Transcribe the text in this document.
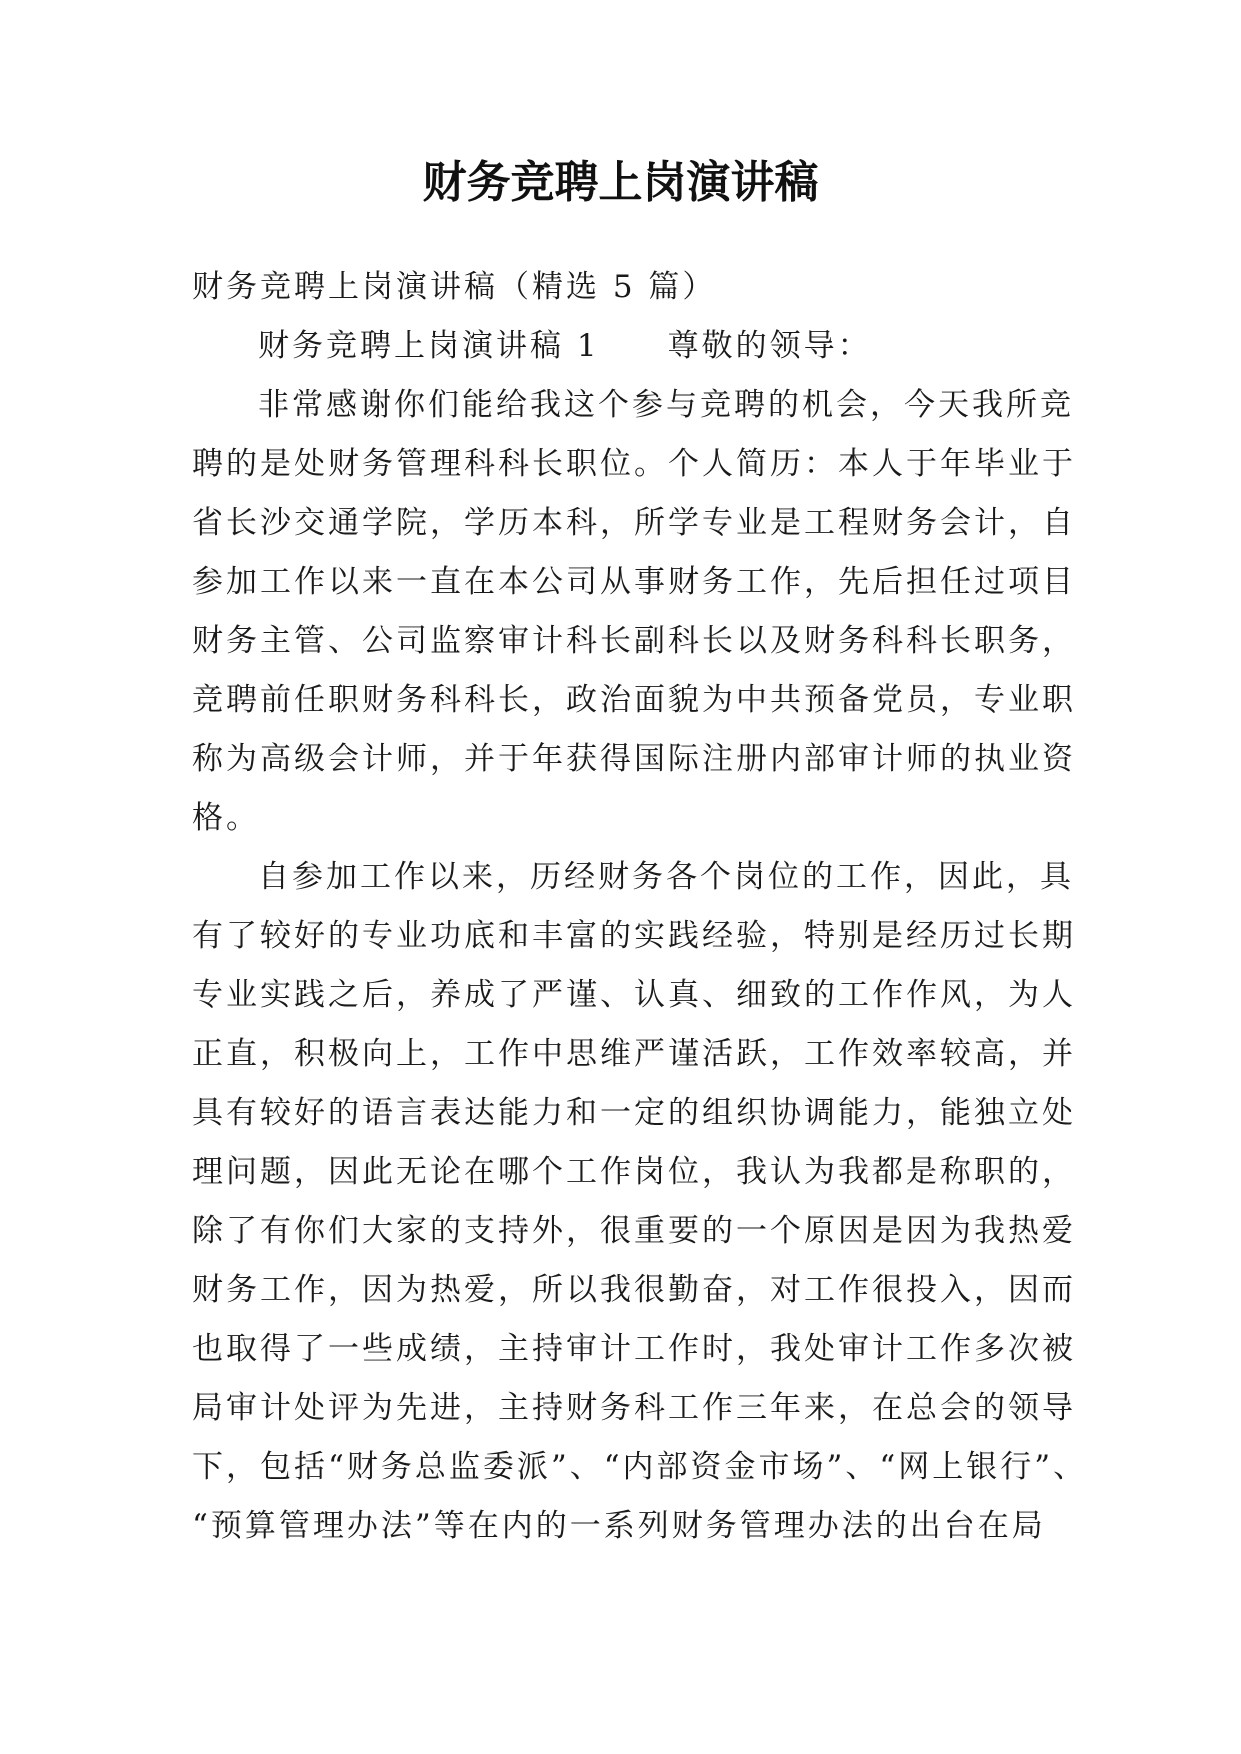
财务竞聘上岗演讲稿
财务竞聘上岗演讲稿（精选 5 篇）
财务竞聘上岗演讲稿 1　　尊敬的领导：
非常感谢你们能给我这个参与竞聘的机会，今天我所竞
聘的是处财务管理科科长职位。个人简历：本人于年毕业于
省长沙交通学院，学历本科，所学专业是工程财务会计，自
参加工作以来一直在本公司从事财务工作，先后担任过项目
财务主管、公司监察审计科长副科长以及财务科科长职务，
竞聘前任职财务科科长，政治面貌为中共预备党员，专业职
称为高级会计师，并于年获得国际注册内部审计师的执业资
格。
自参加工作以来，历经财务各个岗位的工作，因此，具
有了较好的专业功底和丰富的实践经验，特别是经历过长期
专业实践之后，养成了严谨、认真、细致的工作作风，为人
正直，积极向上，工作中思维严谨活跃，工作效率较高，并
具有较好的语言表达能力和一定的组织协调能力，能独立处
理问题，因此无论在哪个工作岗位，我认为我都是称职的，
除了有你们大家的支持外，很重要的一个原因是因为我热爱
财务工作，因为热爱，所以我很勤奋，对工作很投入，因而
也取得了一些成绩，主持审计工作时，我处审计工作多次被
局审计处评为先进，主持财务科工作三年来，在总会的领导
下，包括“财务总监委派”、“内部资金市场”、“网上银行”、
“预算管理办法”等在内的一系列财务管理办法的出台在局
